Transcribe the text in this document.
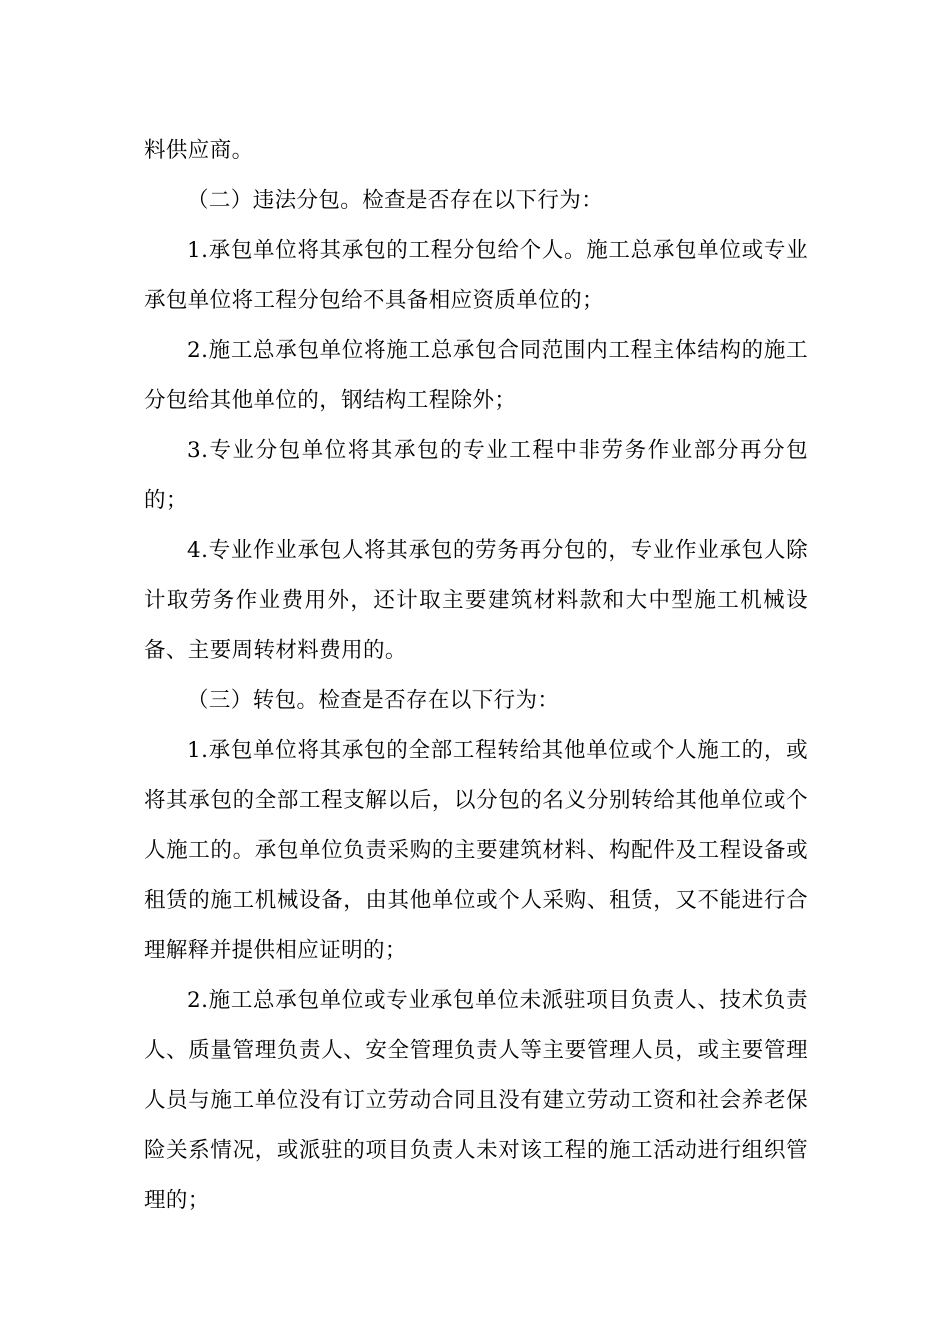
料供应商。

（二）违法分包。检查是否存在以下行为：

1.承包单位将其承包的工程分包给个人。施工总承包单位或专业承包单位将工程分包给不具备相应资质单位的；

2.施工总承包单位将施工总承包合同范围内工程主体结构的施工分包给其他单位的，钢结构工程除外；

3.专业分包单位将其承包的专业工程中非劳务作业部分再分包的；

4.专业作业承包人将其承包的劳务再分包的，专业作业承包人除计取劳务作业费用外，还计取主要建筑材料款和大中型施工机械设备、主要周转材料费用的。

（三）转包。检查是否存在以下行为：

1.承包单位将其承包的全部工程转给其他单位或个人施工的，或将其承包的全部工程支解以后，以分包的名义分别转给其他单位或个人施工的。承包单位负责采购的主要建筑材料、构配件及工程设备或租赁的施工机械设备，由其他单位或个人采购、租赁，又不能进行合理解释并提供相应证明的；

2.施工总承包单位或专业承包单位未派驻项目负责人、技术负责人、质量管理负责人、安全管理负责人等主要管理人员，或主要管理人员与施工单位没有订立劳动合同且没有建立劳动工资和社会养老保险关系情况，或派驻的项目负责人未对该工程的施工活动进行组织管理的；
